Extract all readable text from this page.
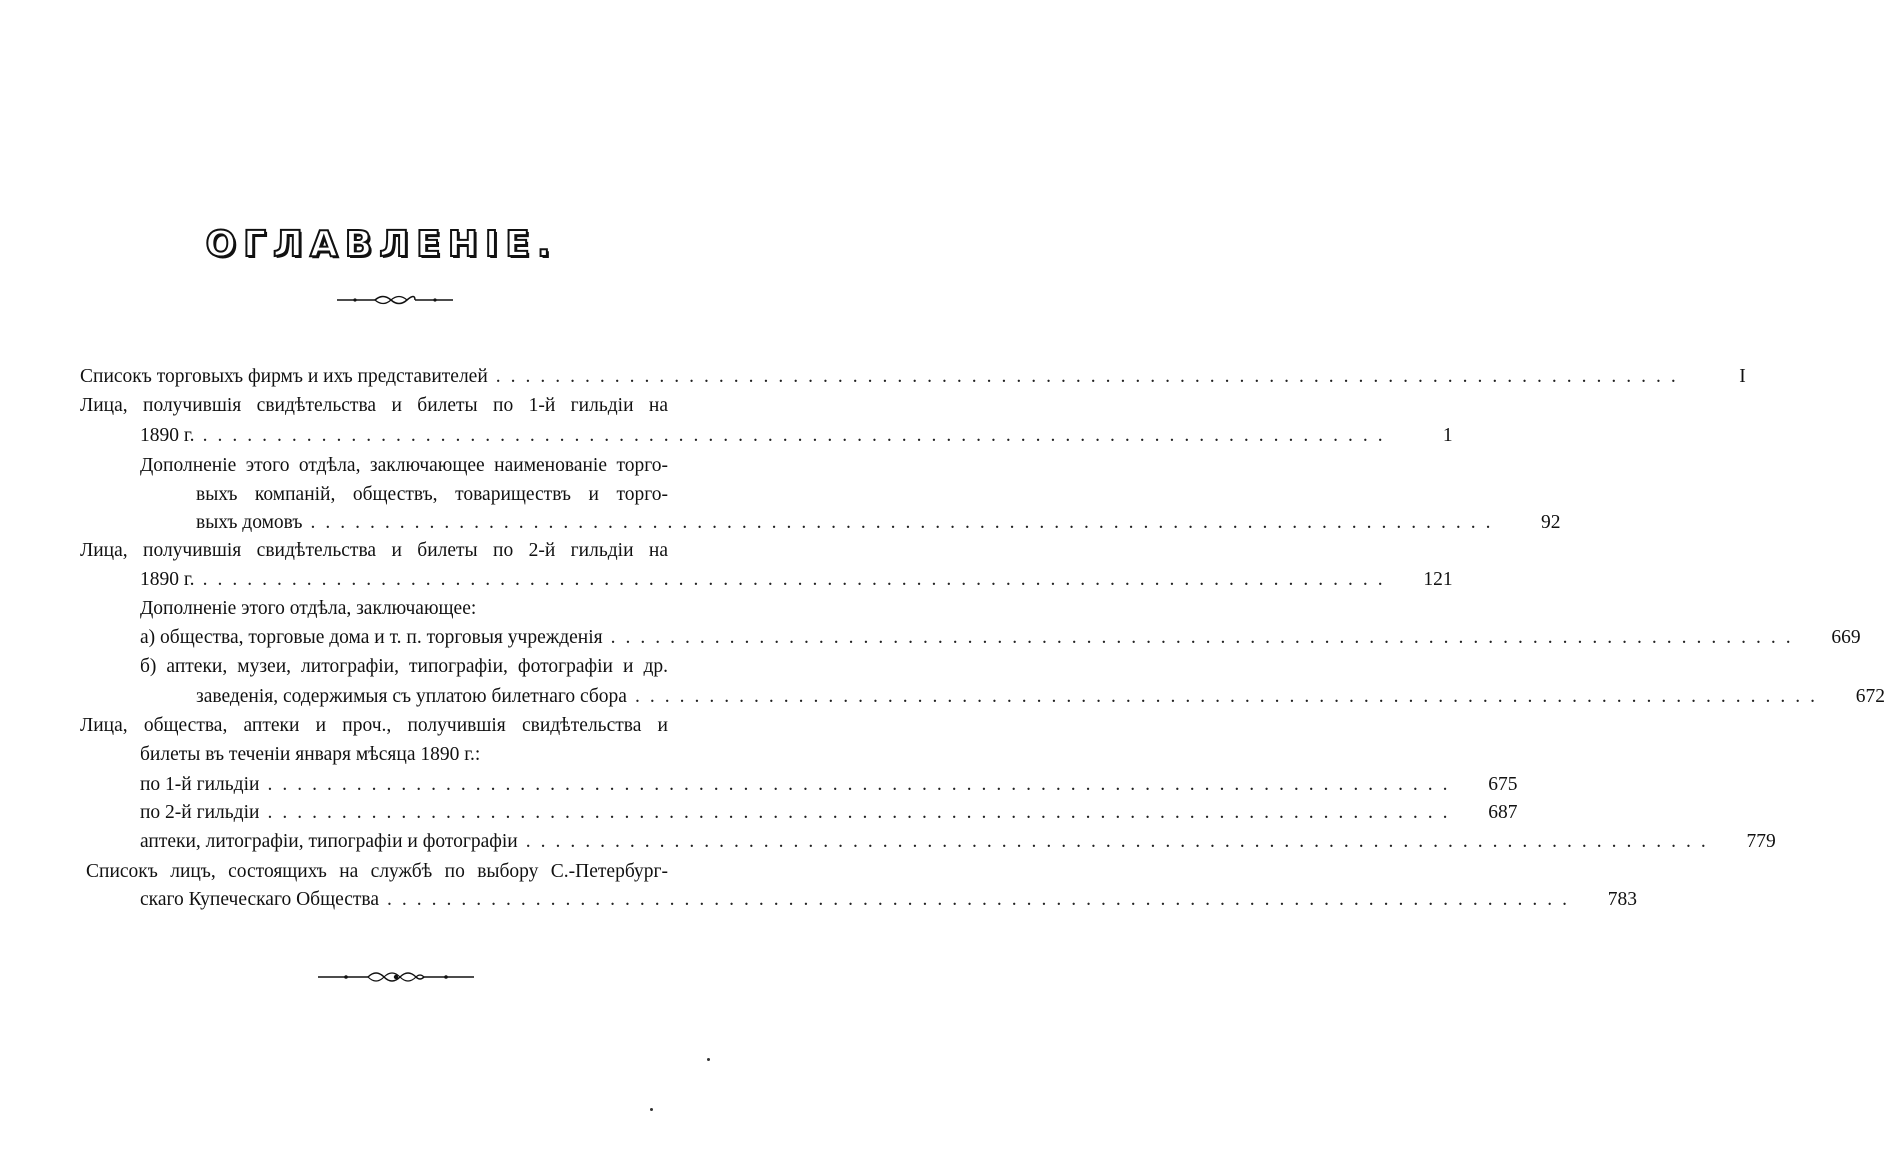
ОГЛАВЛЕНІЕ.
Списокъ торговыхъ фирмъ и ихъ представителей ................................................................................	I
Лица, получившія свидѣтельства и билеты по 1-й гильдіи на
1890 г. ................................................................................	1
Дополненіе этого отдѣла, заключающее наименованіе торго-
выхъ компаній, обществъ, товариществъ и торго-
выхъ домовъ ................................................................................	92
Лица, получившія свидѣтельства и билеты по 2-й гильдіи на
1890 г. ................................................................................	121
Дополненіе этого отдѣла, заключающее:
а) общества, торговые дома и т. п. торговыя учрежденія ................................................................................	669
б) аптеки, музеи, литографіи, типографіи, фотографіи и др.
заведенія, содержимыя съ уплатою билетнаго сбора ................................................................................	672
Лица, общества, аптеки и проч., получившія свидѣтельства и
билеты въ теченіи января мѣсяца 1890 г.:
по 1-й гильдіи ................................................................................	675
по 2-й гильдіи ................................................................................	687
аптеки, литографіи, типографіи и фотографіи ................................................................................	779
Списокъ лицъ, состоящихъ на службѣ по выбору С.-Петербург-
скаго Купеческаго Общества ................................................................................	783
